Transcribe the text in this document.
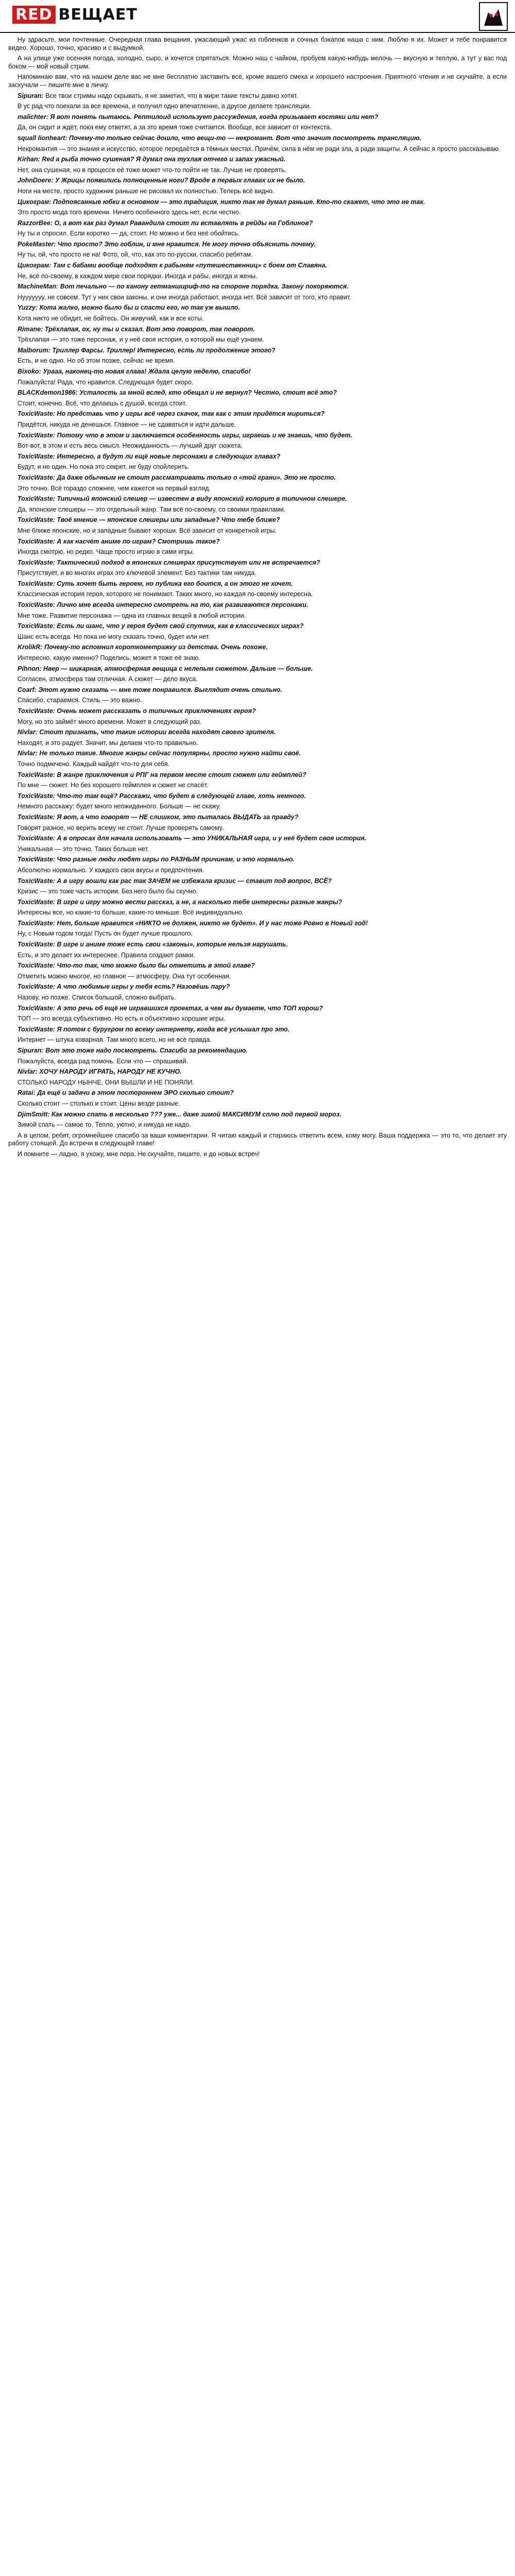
RED ВЕЩАЕТ

Ну здрасьте, мои почтенные. Очередная глава вещания, ужасающий ужас из гобленков и сочных бэкапов наша с ним. Люблю я их. Может и тебе понравится видео. Хорошо, точно, красиво и с выдумкой.

А на улице уже осенняя погода, холодно, сыро, и хочется спрятаться. Можно наш с чайком, пробуем какую-нибудь мелочь — вкусную и теплую, а тут у вас под боком — мой новый стрим.

Напоминаю вам, что на нашем деле вас не мне бесплатно заставить всё, кроме вашего смеха и хорошего настроения. Приятного чтения и не скучайте, а если заскучали — пишите мне в личку.

Sipuran: Все твои стримы надо скрывать, я не заметил, что в мире такие тексты давно хотят.

В ус рад что поехали за все времена, и получил одно впечатление, а другое делаете трансляции.

malichter: Я вот понять пытаюсь. Рептилоид использует рассуждения, когда призывает костяки или нет?

Да, он сидит и ждёт, пока ему ответят, а за это время тоже считается. Вообще, все зависит от контекста.

squall lionheart: Почему-то только сейчас дошло, что вещи-то — некромант. Вот что значит посмотреть трансляцию.

Некромантия — это знания и искусство, которое передаётся в тёмных местах. Причём, сила в нём не ради зла, а ради защиты. А сейчас я просто рассказываю.

Kirhan: Red а рыба точно сушеная? Я думал она тухлая отчего и запах ужасный.

Нет, она сушеная, но в процессе её тоже может что-то пойти не так. Лучше не проверять.

JohnDoere: У Жрицы появились полноценные ноги? Вроде в первых главах их не было.

Ноги на месте, просто художник раньше не рисовал их полностью. Теперь всё видно.

Цикограм: Подпоясанные юбки в основном — это традиция, никто так не думал раньше. Кто-то скажет, что это не так.

Это просто мода того времени. Ничего особенного здесь нет, если честно.

RazzorBee: О, а вот как раз думал Равандила стоит ли вставлять в рейды на Гоблинов?

Ну ты и спросил. Если коротко — да, стоит. Но можно и без неё обойтись.

PokeMaster: Что просто? Это гоблин, и мне нравится. Не могу точно объяснить почему.

Ну ты, ой, что просто не на! Фото, ой, что, как это по-русски, спасибо ребятам.

Цикограм: Там с бабами вообще подходят к рабыням «путешественниц» с боем от Славяна.

Не, всё по-своему, в каждом мире свои порядки. Иногда и рабы, иногда и жены.

MachineMan: Вот печально — по канону гетманшириф-то на стороне порядка. Закону покоряются.

Нууууууу, не совсем. Тут у них свои законы, и они иногда работают, иногда нет. Всё зависит от того, кто правит.

Yuzzy: Кота жалко, можно было бы и спасти его, но так уж вышло.

Кота никто не обидит, не бойтесь. Он живучий, как и все коты.

Rimane: Трёхлапая, ох, ну ты и сказал. Вот это поворот, так поворот.

Трёхлапая — это тоже персонаж, и у неё своя история, о которой мы ещё узнаем.

Malborum: Триллер Фарсы. Триллер! Интересно, есть ли продолжение этого?

Есть, и не одно. Но об этом позже, сейчас не время.

Bixoko: Урааа, наконец-то новая глава! Ждала целую неделю, спасибо!

Пожалуйста! Рада, что нравится. Следующая будет скоро.

BLACKdemon1986: Усталость за мной вслед, кто обещал и не вернул? Честно, стоит всё это?

Стоит, конечно. Всё, что делаешь с душой, всегда стоит.

ToxicWaste: Но представь что у игры всё через скачок, так как с этим придётся мириться?

Придётся, никуда не денешься. Главное — не сдаваться и идти дальше.

ToxicWaste: Потому что в этом и заключается особенность игры, играешь и не знаешь, что будет.

Вот-вот, в этом и есть весь смысл. Неожиданность — лучший друг сюжета.

ToxicWaste: Интересно, а будут ли ещё новые персонажи в следующих главах?

Будут, и не один. Но пока это секрет, не буду спойлерить.

ToxicWaste: Да даже обычным не стоит рассматривать только о «той грани». Это не просто.

Это точно. Всё гораздо сложнее, чем кажется на первый взгляд.

ToxicWaste: Типичный японский слешер — известен в виду японский колорит в типичном слешере.

Да, японские слешеры — это отдельный жанр. Там всё по-своему, со своими правилами.

ToxicWaste: Твоё мнение — японские слешеры или западные? Что тебе ближе?

Мне ближе японские, но и западные бывают хороши. Всё зависит от конкретной игры.

ToxicWaste: А как насчёт аниме по играм? Смотришь такое?

Иногда смотрю, но редко. Чаще просто играю в сами игры.

ToxicWaste: Тактический подход в японских слешерах присутствует или не встречается?

Присутствует, и во многих играх это ключевой элемент. Без тактики там никуда.

ToxicWaste: Суть хочет быть героем, но публика его боится, а он этого не хочет.

Классическая история героя, которого не понимают. Таких много, но каждая по-своему интересна.

ToxicWaste: Лично мне всегда интересно смотреть на то, как развиваются персонажи.

Мне тоже. Развитие персонажа — одна из главных вещей в любой истории.

ToxicWaste: Есть ли шанс, что у героя будет свой спутник, как в классических играх?

Шанс есть всегда. Но пока не могу сказать точно, будет или нет.

KrolikR: Почему-то вспомнил короткометражку из детства. Очень похоже.

Интересно, какую именно? Поделись, может я тоже её знаю.

Pihnon: Нвер — шикарная, атмосферная вещица с нелепым сюжетом. Дальше — больше.

Согласен, атмосфера там отличная. А сюжет — дело вкуса.

Coarf: Этот нужно сказать — мне тоже понравился. Выглядит очень стильно.

Спасибо, стараемся. Стиль — это важно.

ToxicWaste: Очень может рассказать о типичных приключениях героя?

Могу, но это займёт много времени. Может в следующий раз.

Nivlar: Стоит признать, что такие истории всегда находят своего зрителя.

Находят, и это радует. Значит, мы делаем что-то правильно.

Nivlar: Не только такие. Многие жанры сейчас популярны, просто нужно найти своё.

Точно подмечено. Каждый найдёт что-то для себя.

ToxicWaste: В жанре приключения и РПГ на первом месте стоит сюжет или геймплей?

По мне — сюжет. Но без хорошего геймплея и сюжет не спасёт.

ToxicWaste: Что-то там ещё? Расскажи, что будет в следующей главе, хоть немного.

Немного расскажу: будет много неожиданного. Больше — не скажу.

ToxicWaste: Я вот, а что говорят — НЕ слишком, это пыталась ВЫДАТЬ за правду?

Говорят разное, но верить всему не стоит. Лучше проверять самому.

ToxicWaste: А в опросах для начала использовать — это УНИКАЛЬНАЯ игра, и у неё будет своя история.

Уникальная — это точно. Таких больше нет.

ToxicWaste: Что разные люди любят игры по РАЗНЫМ причинам, и это нормально.

Абсолютно нормально. У каждого свои вкусы и предпочтения.

ToxicWaste: А в игру вошли как рас так ЗАЧЕМ не избежала кризис — ставит под вопрос, ВСЁ?

Кризис — это тоже часть истории. Без него было бы скучно.

ToxicWaste: В игре и игру можно вести рассказ, а не, а насколько тебе интересны разные жанры?

Интересны все, но какие-то больше, какие-то меньше. Всё индивидуально.

ToxicWaste: Нет, больше нравится «НИКТО не должен, никто не будет». И у нас тоже Ровно в Новый год!

Ну, с Новым годом тогда! Пусть он будет лучше прошлого.

ToxicWaste: В игре и аниме тоже есть свои «законы», которые нельзя нарушать.

Есть, и это делает их интереснее. Правила создают рамки.

ToxicWaste: Что-то так, что можно было бы отметить в этой главе?

Отметить можно многое, но главное — атмосферу. Она тут особенная.

ToxicWaste: А что любимые игры у тебя есть? Назовёшь пару?

Назову, но позже. Список большой, сложно выбрать.

ToxicWaste: А это речь об ещё не игравшихся проектах, а чем вы думаете, что ТОП хорош?

ТОП — это всегда субъективно. Но есть и объективно хорошие игры.

ToxicWaste: Я потом с буругром по всему интернету, когда всё услышал про это.

Интернет — штука коварная. Там много всего, но не всё правда.

Sipuran: Вот это тоже надо посмотреть. Спасибо за рекомендацию.

Пожалуйста, всегда рад помочь. Если что — спрашивай.

Nivlar: ХОЧУ НАРОДУ ИГРАТЬ, НАРОДУ НЕ КУЧНО.

СТОЛЬКО НАРОДУ НЫНЧЕ, ОНИ ВЫШЛИ И НЕ ПОНЯЛИ.

Ratai: Да ещё и задачи в этом постороннем ЭРО сколько стоит?

Сколько стоит — столько и стоит. Цены везде разные.

DjimSmitt: Как можно спать в несколько ??? уже... даже зимой МАКСИМУМ сплю под первой мороз.

Зимой спать — самое то. Тепло, уютно, и никуда не надо.

А в целом, ребят, огромнейшее спасибо за ваши комментарии. Я читаю каждый и стараюсь ответить всем, кому могу. Ваша поддержка — это то, что делает эту работу стоящей. До встречи в следующей главе!

И помните — ладно, я ухожу, мне пора. Не скучайте, пишите, и до новых встреч!
